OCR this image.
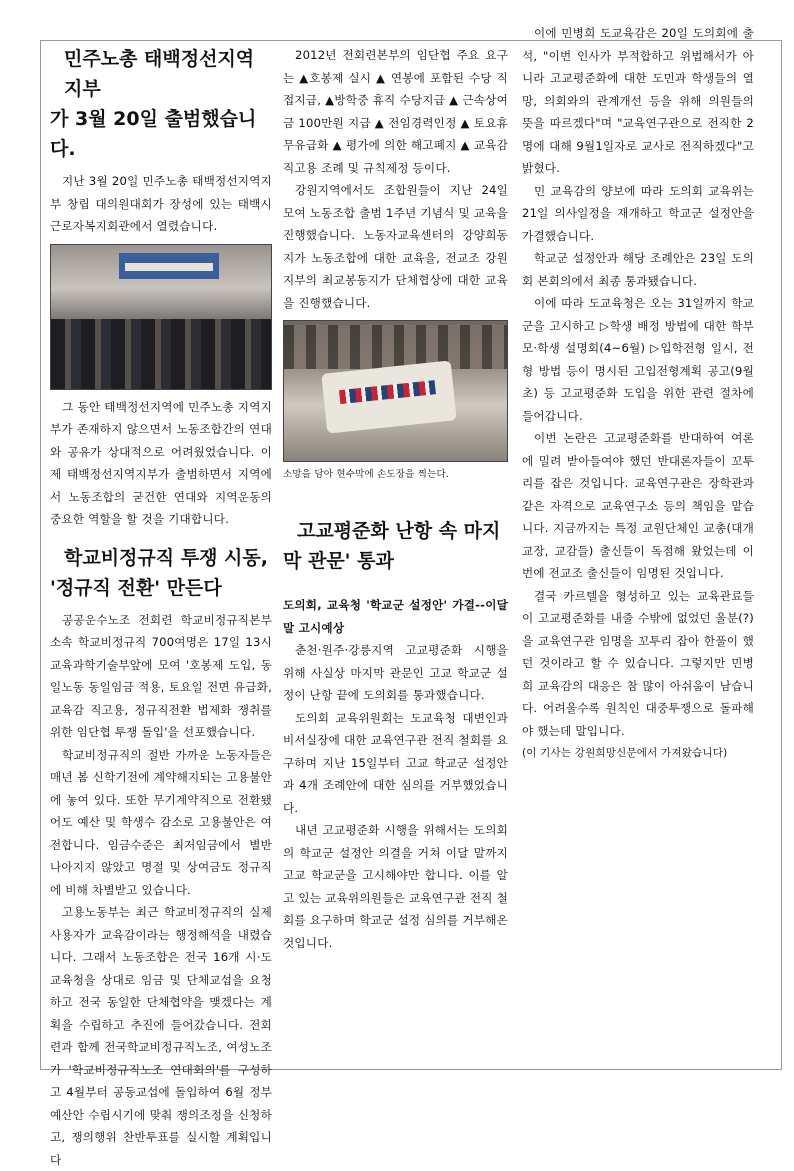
민주노총 태백정선지역지부
가 3월 20일 출범했습니다.

지난 3월 20일 민주노총 태백정선지역지부 창립 대의원대회가 장성에 있는 태백시근로자복지회관에서 열렸습니다.

그 동안 태백정선지역에 민주노총 지역지부가 존재하지 않으면서 노동조합간의 연대와 공유가 상대적으로 어려웠었습니다. 이제 태백정선지역지부가 출범하면서 지역에서 노동조합의 굳건한 연대와 지역운동의 중요한 역할을 할 것을 기대합니다.

학교비정규직 투쟁 시동,
'정규직 전환' 만든다

공공운수노조 전회련 학교비정규직본부 소속 학교비정규직 700여명은 17일 13시 교육과학기술부앞에 모여 '호봉제 도입, 동일노동 동일임금 적용, 토요일 전면 유급화, 교육감 직고용, 정규직전환 법제화 쟁취를 위한 임단협 투쟁 돌입'을 선포했습니다.

학교비정규직의 절반 가까운 노동자들은 매년 봄 신학기전에 계약해지되는 고용불안에 놓여 있다. 또한 무기계약직으로 전환됐어도 예산 및 학생수 감소로 고용불안은 여전합니다. 임금수준은 최저임금에서 별반 나아지지 않았고 명절 및 상여금도 정규직에 비해 차별받고 있습니다.

고용노동부는 최근 학교비정규직의 실제 사용자가 교육감이라는 행정해석을 내렸습니다. 그래서 노동조합은 전국 16개 시·도 교육청을 상대로 임금 및 단체교섭을 요청하고 전국 동일한 단체협약을 맺겠다는 계획을 수립하고 추진에 들어갔습니다. 전회련과 함께 전국학교비정규직노조, 여성노조가 '학교비정규직노조 연대회의'를 구성하고 4월부터 공동교섭에 돌입하여 6월 정부예산안 수립시기에 맞춰 쟁의조정을 신청하고, 쟁의행위 찬반투표를 실시할 계획입니다

2012년 전회련본부의 임단협 주요 요구는 ▲호봉제 실시 ▲ 연봉에 포함된 수당 직접지급, ▲방학중 휴직 수당지급 ▲ 근속상여금 100만원 지급 ▲ 전임경력인정 ▲ 토요휴무유급화 ▲ 평가에 의한 해고폐지 ▲ 교육감 직고용 조례 및 규칙제정 등이다.

강원지역에서도 조합원들이 지난 24일 모여 노동조합 출범 1주년 기념식 및 교육을 진행했습니다. 노동자교육센터의 강양희동지가 노동조합에 대한 교육을, 전교조 강원지부의 최교봉동지가 단체협상에 대한 교육을 진행했습니다.

소망을 담아 현수막에 손도장을 찍는다.

고교평준화 난항 속 마지
막 관문' 통과

도의회, 교육청 '학교군 설정안' 가결--이달말 고시예상

춘천·원주·강릉지역 고교평준화 시행을 위해 사실상 마지막 관문인 고교 학교군 설정이 난항 끝에 도의회를 통과했습니다.

도의회 교육위원회는 도교육청 대변인과 비서실장에 대한 교육연구관 전직 철회를 요구하며 지난 15일부터 고교 학교군 설정안과 4개 조례안에 대한 심의를 거부했었습니다.

내년 고교평준화 시행을 위해서는 도의회의 학교군 설정안 의결을 거쳐 이달 말까지 고교 학교군을 고시해야만 합니다. 이를 알고 있는 교육위의원들은 교육연구관 전직 철회를 요구하며 학교군 설정 심의를 거부해온 것입니다.

이에 민병희 도교육감은 20일 도의회에 출석, "이번 인사가 부적합하고 위법해서가 아니라 고교평준화에 대한 도민과 학생들의 열망, 의회와의 관계개선 등을 위해 의원들의 뜻을 따르겠다"며 "교육연구관으로 전직한 2명에 대해 9월1일자로 교사로 전직하겠다"고 밝혔다.

민 교육감의 양보에 따라 도의회 교육위는 21일 의사일정을 재개하고 학교군 설정안을 가결했습니다.

학교군 설정안과 해당 조례안은 23일 도의회 본회의에서 최종 통과됐습니다.

이에 따라 도교육청은 오는 31일까지 학교군을 고시하고 ▷학생 배정 방법에 대한 학부모·학생 설명회(4~6월) ▷입학전형 일시, 전형 방법 등이 명시된 고입전형계획 공고(9월 초) 등 고교평준화 도입을 위한 관련 절차에 들어갑니다.

이번 논란은 고교평준화를 반대하여 여론에 밀려 받아들여야 했던 반대론자들이 꼬투리를 잡은 것입니다. 교육연구관은 장학관과 같은 자격으로 교육연구소 등의 책임을 맡습니다. 지금까지는 특정 교원단체인 교총(대개 교장, 교감들) 출신들이 독점해 왔었는데 이번에 전교조 출신들이 임명된 것입니다.

결국 카르텔을 형성하고 있는 교육관료들이 고교평준화를 내줄 수밖에 없었던 울분(?)을 교육연구관 임명을 꼬투리 잡아 한풀이 했던 것이라고 할 수 있습니다. 그렇지만 민병희 교육감의 대응은 참 많이 아쉬움이 남습니다. 어려울수록 원칙인 대중투쟁으로 돌파해야 했는데 말입니다.

(이 기사는 강원희망신문에서 가져왔습니다)
